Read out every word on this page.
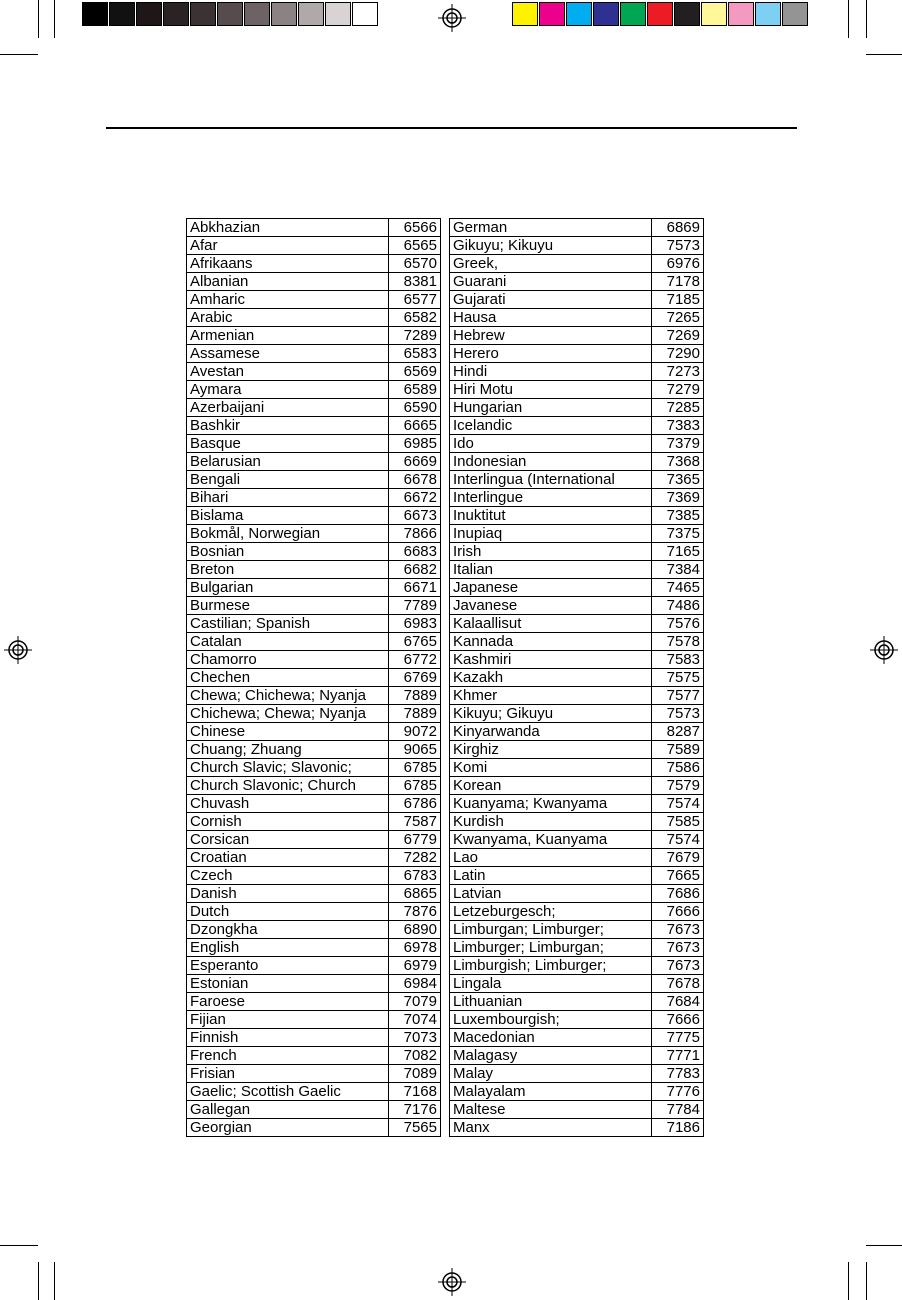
Abkhazian	6566
Afar	6565
Afrikaans	6570
Albanian	8381
Amharic	6577
Arabic	6582
Armenian	7289
Assamese	6583
Avestan	6569
Aymara	6589
Azerbaijani	6590
Bashkir	6665
Basque	6985
Belarusian	6669
Bengali	6678
Bihari	6672
Bislama	6673
Bokmål, Norwegian	7866
Bosnian	6683
Breton	6682
Bulgarian	6671
Burmese	7789
Castilian; Spanish	6983
Catalan	6765
Chamorro	6772
Chechen	6769
Chewa; Chichewa; Nyanja	7889
Chichewa; Chewa; Nyanja	7889
Chinese	9072
Chuang; Zhuang	9065
Church Slavic; Slavonic;	6785
Church Slavonic; Church	6785
Chuvash	6786
Cornish	7587
Corsican	6779
Croatian	7282
Czech	6783
Danish	6865
Dutch	7876
Dzongkha	6890
English	6978
Esperanto	6979
Estonian	6984
Faroese	7079
Fijian	7074
Finnish	7073
French	7082
Frisian	7089
Gaelic; Scottish Gaelic	7168
Gallegan	7176
Georgian	7565
German	6869
Gikuyu; Kikuyu	7573
Greek,	6976
Guarani	7178
Gujarati	7185
Hausa	7265
Hebrew	7269
Herero	7290
Hindi	7273
Hiri Motu	7279
Hungarian	7285
Icelandic	7383
Ido	7379
Indonesian	7368
Interlingua (International	7365
Interlingue	7369
Inuktitut	7385
Inupiaq	7375
Irish	7165
Italian	7384
Japanese	7465
Javanese	7486
Kalaallisut	7576
Kannada	7578
Kashmiri	7583
Kazakh	7575
Khmer	7577
Kikuyu; Gikuyu	7573
Kinyarwanda	8287
Kirghiz	7589
Komi	7586
Korean	7579
Kuanyama; Kwanyama	7574
Kurdish	7585
Kwanyama, Kuanyama	7574
Lao	7679
Latin	7665
Latvian	7686
Letzeburgesch;	7666
Limburgan; Limburger;	7673
Limburger; Limburgan;	7673
Limburgish; Limburger;	7673
Lingala	7678
Lithuanian	7684
Luxembourgish;	7666
Macedonian	7775
Malagasy	7771
Malay	7783
Malayalam	7776
Maltese	7784
Manx	7186
